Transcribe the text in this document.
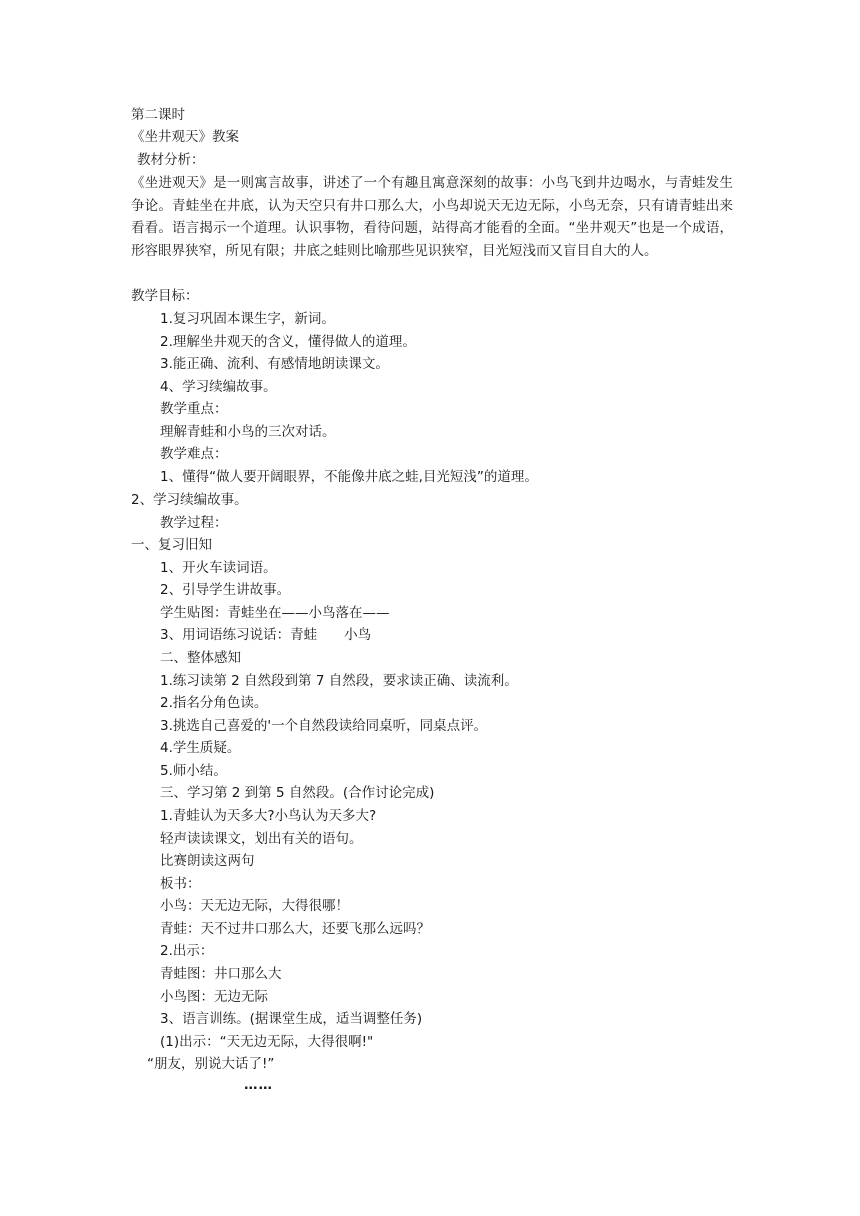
第二课时
《坐井观天》教案
教材分析：
《坐进观天》是一则寓言故事，讲述了一个有趣且寓意深刻的故事：小鸟飞到井边喝水，与青蛙发生争论。青蛙坐在井底，认为天空只有井口那么大，小鸟却说天无边无际，小鸟无奈，只有请青蛙出来看看。语言揭示一个道理。认识事物，看待问题，站得高才能看的全面。“坐井观天”也是一个成语，形容眼界狭窄，所见有限；井底之蛙则比喻那些见识狭窄，目光短浅而又盲目自大的人。
教学目标：
1.复习巩固本课生字，新词。
2.理解坐井观天的含义，懂得做人的道理。
3.能正确、流利、有感情地朗读课文。
4、学习续编故事。
教学重点：
理解青蛙和小鸟的三次对话。
教学难点：
1、懂得“做人要开阔眼界，不能像井底之蛙,目光短浅”的道理。
2、学习续编故事。
教学过程：
一、复习旧知
1、开火车读词语。
2、引导学生讲故事。
学生贴图：青蛙坐在——小鸟落在——
3、用词语练习说话：青蛙　　小鸟
二、整体感知
1.练习读第 2 自然段到第 7 自然段，要求读正确、读流利。
2.指名分角色读。
3.挑选自己喜爱的'一个自然段读给同桌听，同桌点评。
4.学生质疑。
5.师小结。
三、学习第 2 到第 5 自然段。(合作讨论完成)
1.青蛙认为天多大?小鸟认为天多大?
轻声读读课文，划出有关的语句。
比赛朗读这两句
板书：
小鸟：天无边无际，大得很哪！
青蛙：天不过井口那么大，还要飞那么远吗？
2.出示：
青蛙图：井口那么大
小鸟图：无边无际
3、语言训练。(据课堂生成，适当调整任务)
(1)出示：“天无边无际，大得很啊!"
“朋友，别说大话了!”
……
